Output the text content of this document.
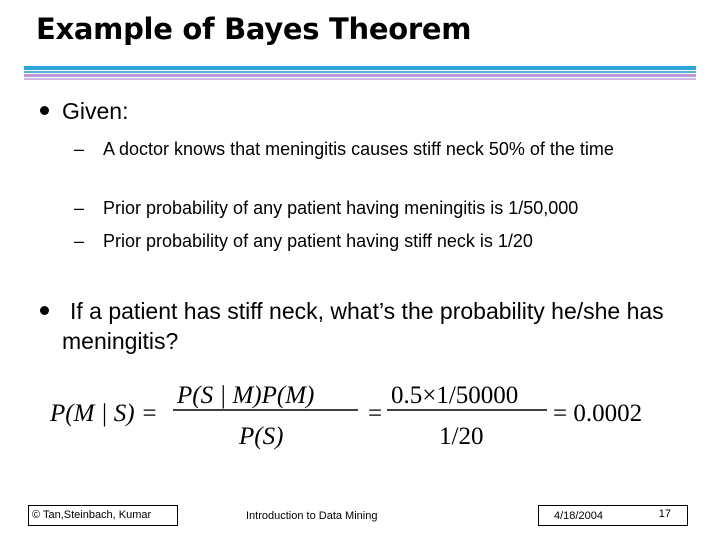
Example of Bayes Theorem
Given:
– A doctor knows that meningitis causes stiff neck 50% of the time
– Prior probability of any patient having meningitis is 1/50,000
– Prior probability of any patient having stiff neck is 1/20
If a patient has stiff neck, what’s the probability he/she has meningitis?
P(M | S) =
P(S | M)P(M)
P(S)
=
0.5×1/50000
1/20
= 0.0002
© Tan,Steinbach, Kumar	Introduction to Data Mining	4/18/2004	17
